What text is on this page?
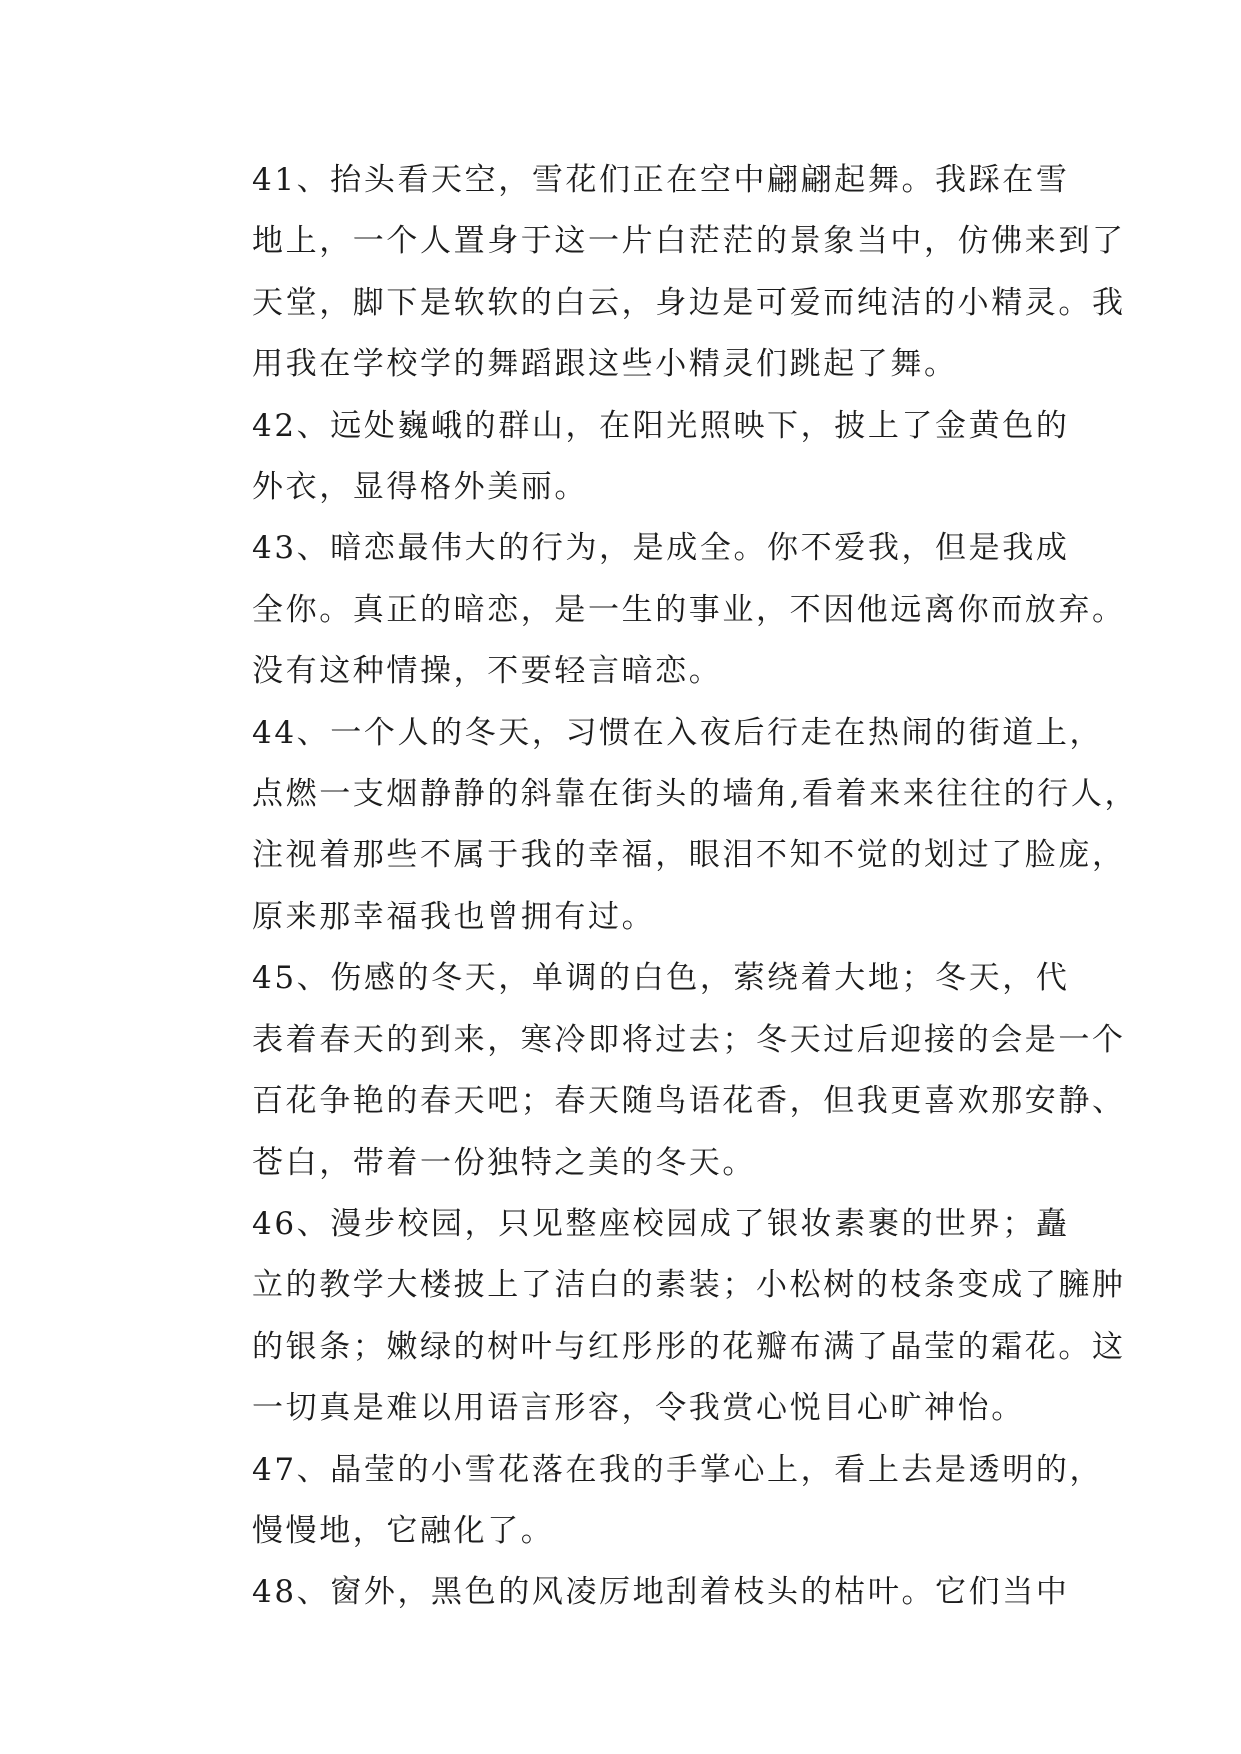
41、抬头看天空，雪花们正在空中翩翩起舞。我踩在雪
地上，一个人置身于这一片白茫茫的景象当中，仿佛来到了
天堂，脚下是软软的白云，身边是可爱而纯洁的小精灵。我
用我在学校学的舞蹈跟这些小精灵们跳起了舞。

42、远处巍峨的群山，在阳光照映下，披上了金黄色的
外衣，显得格外美丽。

43、暗恋最伟大的行为，是成全。你不爱我，但是我成
全你。真正的暗恋，是一生的事业，不因他远离你而放弃。
没有这种情操，不要轻言暗恋。

44、一个人的冬天，习惯在入夜后行走在热闹的街道上，
点燃一支烟静静的斜靠在街头的墙角,看着来来往往的行人，
注视着那些不属于我的幸福，眼泪不知不觉的划过了脸庞，
原来那幸福我也曾拥有过。

45、伤感的冬天，单调的白色，萦绕着大地；冬天，代
表着春天的到来，寒冷即将过去；冬天过后迎接的会是一个
百花争艳的春天吧；春天随鸟语花香，但我更喜欢那安静、
苍白，带着一份独特之美的冬天。

46、漫步校园，只见整座校园成了银妆素裹的世界；矗
立的教学大楼披上了洁白的素装；小松树的枝条变成了臃肿
的银条；嫩绿的树叶与红彤彤的花瓣布满了晶莹的霜花。这
一切真是难以用语言形容，令我赏心悦目心旷神怡。

47、晶莹的小雪花落在我的手掌心上，看上去是透明的，
慢慢地，它融化了。

48、窗外，黑色的风凌厉地刮着枝头的枯叶。它们当中
